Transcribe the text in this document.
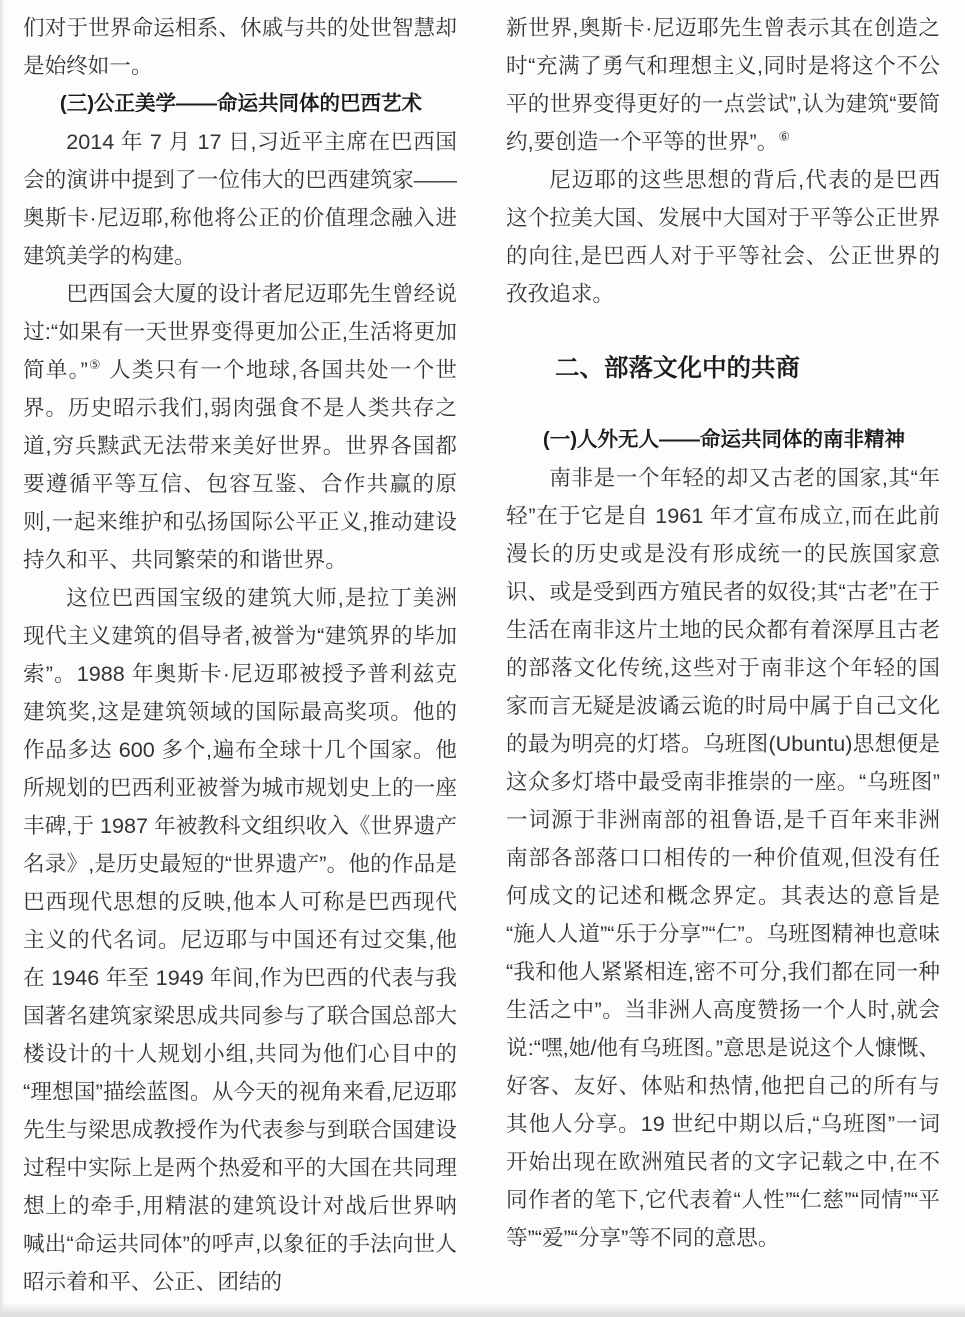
们对于世界命运相系、休戚与共的处世智慧却是始终如一。

(三)公正美学——命运共同体的巴西艺术

2014 年 7 月 17 日,习近平主席在巴西国会的演讲中提到了一位伟大的巴西建筑家——奥斯卡·尼迈耶,称他将公正的价值理念融入进建筑美学的构建。

巴西国会大厦的设计者尼迈耶先生曾经说过:“如果有一天世界变得更加公正,生活将更加简单。”⑤ 人类只有一个地球,各国共处一个世界。历史昭示我们,弱肉强食不是人类共存之道,穷兵黩武无法带来美好世界。世界各国都要遵循平等互信、包容互鉴、合作共赢的原则,一起来维护和弘扬国际公平正义,推动建设持久和平、共同繁荣的和谐世界。

这位巴西国宝级的建筑大师,是拉丁美洲现代主义建筑的倡导者,被誉为“建筑界的毕加索”。1988 年奥斯卡·尼迈耶被授予普利兹克建筑奖,这是建筑领域的国际最高奖项。他的作品多达 600 多个,遍布全球十几个国家。他所规划的巴西利亚被誉为城市规划史上的一座丰碑,于 1987 年被教科文组织收入《世界遗产名录》,是历史最短的“世界遗产”。他的作品是巴西现代思想的反映,他本人可称是巴西现代主义的代名词。尼迈耶与中国还有过交集,他在 1946 年至 1949 年间,作为巴西的代表与我国著名建筑家梁思成共同参与了联合国总部大楼设计的十人规划小组,共同为他们心目中的“理想国”描绘蓝图。从今天的视角来看,尼迈耶先生与梁思成教授作为代表参与到联合国建设过程中实际上是两个热爱和平的大国在共同理想上的牵手,用精湛的建筑设计对战后世界呐喊出“命运共同体”的呼声,以象征的手法向世人昭示着和平、公正、团结的

新世界,奥斯卡·尼迈耶先生曾表示其在创造之时“充满了勇气和理想主义,同时是将这个不公平的世界变得更好的一点尝试”,认为建筑“要简约,要创造一个平等的世界”。⑥

尼迈耶的这些思想的背后,代表的是巴西这个拉美大国、发展中大国对于平等公正世界的向往,是巴西人对于平等社会、公正世界的孜孜追求。

二、部落文化中的共商
(一)人外无人——命运共同体的南非精神

南非是一个年轻的却又古老的国家,其“年轻”在于它是自 1961 年才宣布成立,而在此前漫长的历史或是没有形成统一的民族国家意识、或是受到西方殖民者的奴役;其“古老”在于生活在南非这片土地的民众都有着深厚且古老的部落文化传统,这些对于南非这个年轻的国家而言无疑是波谲云诡的时局中属于自己文化的最为明亮的灯塔。乌班图(Ubuntu)思想便是这众多灯塔中最受南非推崇的一座。“乌班图”一词源于非洲南部的祖鲁语,是千百年来非洲南部各部落口口相传的一种价值观,但没有任何成文的记述和概念界定。其表达的意旨是“施人人道”“乐于分享”“仁”。乌班图精神也意味“我和他人紧紧相连,密不可分,我们都在同一种生活之中”。当非洲人高度赞扬一个人时,就会说:“嘿,她/他有乌班图。”意思是说这个人慷慨、好客、友好、体贴和热情,他把自己的所有与其他人分享。19 世纪中期以后,“乌班图”一词开始出现在欧洲殖民者的文字记载之中,在不同作者的笔下,它代表着“人性”“仁慈”“同情”“平等”“爱”“分享”等不同的意思。
